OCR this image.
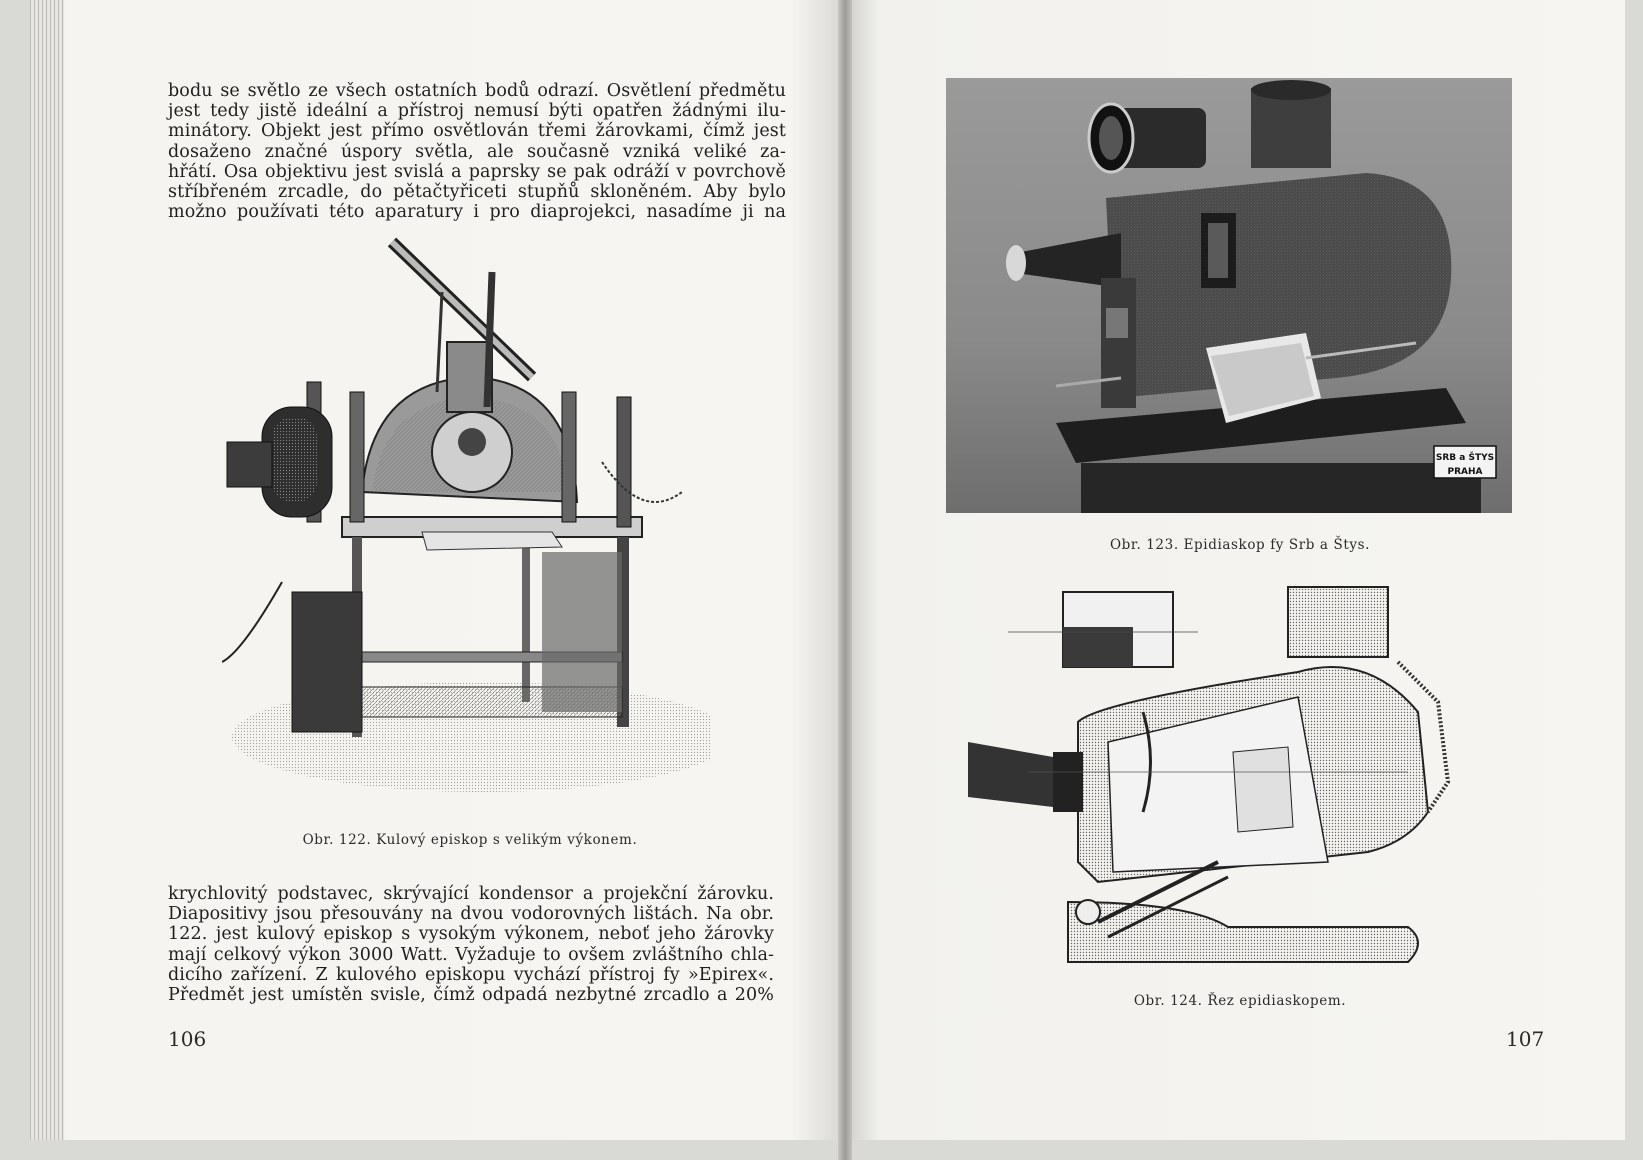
bodu se světlo ze všech ostatních bodů odrazí. Osvětlení předmětu
jest tedy jistě ideální a přístroj nemusí býti opatřen žádnými ilu-
minátory. Objekt jest přímo osvětlován třemi žárovkami, čímž jest
dosaženo značné úspory světla, ale současně vzniká veliké za-
hřátí. Osa objektivu jest svislá a paprsky se pak odráží v povrchově
stříbřeném zrcadle, do pětačtyřiceti stupňů skloněném. Aby bylo
možno používati této aparatury i pro diaprojekci, nasadíme ji na
Obr. 122. Kulový episkop s velikým výkonem.
krychlovitý podstavec, skrývající kondensor a projekční žárovku.
Diapositivy jsou přesouvány na dvou vodorovných lištách. Na obr.
122. jest kulový episkop s vysokým výkonem, neboť jeho žárovky
mají celkový výkon 3000 Watt. Vyžaduje to ovšem zvláštního chla-
dicího zařízení. Z kulového episkopu vychází přístroj fy »Epirex«.
Předmět jest umístěn svisle, čímž odpadá nezbytné zrcadlo a 20%
106
SRB a ŠTYS
PRAHA
Obr. 123. Epidiaskop fy Srb a Štys.
Obr. 124. Řez epidiaskopem.
107
